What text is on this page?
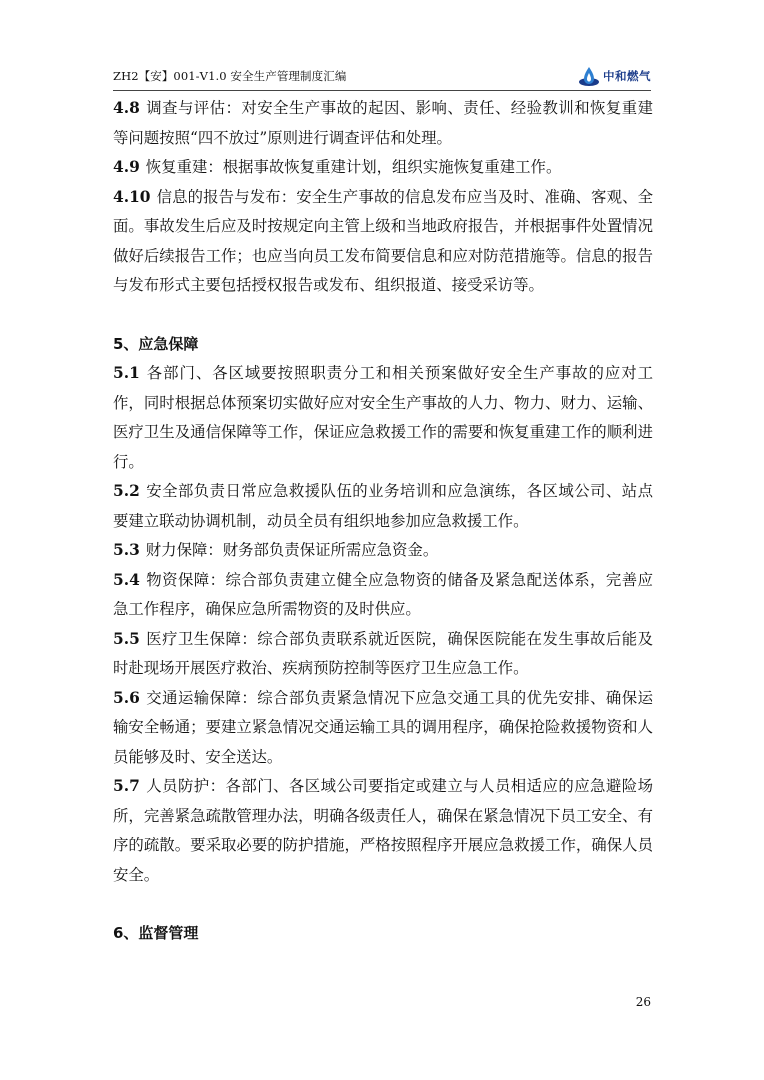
ZH2【安】001-V1.0 安全生产管理制度汇编	中和燃气

4.8 调查与评估：对安全生产事故的起因、影响、责任、经验教训和恢复重建等问题按照“四不放过”原则进行调查评估和处理。

4.9 恢复重建：根据事故恢复重建计划，组织实施恢复重建工作。

4.10 信息的报告与发布：安全生产事故的信息发布应当及时、准确、客观、全面。事故发生后应及时按规定向主管上级和当地政府报告，并根据事件处置情况做好后续报告工作；也应当向员工发布简要信息和应对防范措施等。信息的报告与发布形式主要包括授权报告或发布、组织报道、接受采访等。

5、应急保障

5.1 各部门、各区域要按照职责分工和相关预案做好安全生产事故的应对工作，同时根据总体预案切实做好应对安全生产事故的人力、物力、财力、运输、医疗卫生及通信保障等工作，保证应急救援工作的需要和恢复重建工作的顺利进行。

5.2 安全部负责日常应急救援队伍的业务培训和应急演练，各区域公司、站点要建立联动协调机制，动员全员有组织地参加应急救援工作。

5.3 财力保障：财务部负责保证所需应急资金。

5.4 物资保障：综合部负责建立健全应急物资的储备及紧急配送体系，完善应急工作程序，确保应急所需物资的及时供应。

5.5 医疗卫生保障：综合部负责联系就近医院，确保医院能在发生事故后能及时赴现场开展医疗救治、疾病预防控制等医疗卫生应急工作。

5.6 交通运输保障：综合部负责紧急情况下应急交通工具的优先安排、确保运输安全畅通；要建立紧急情况交通运输工具的调用程序，确保抢险救援物资和人员能够及时、安全送达。

5.7 人员防护：各部门、各区域公司要指定或建立与人员相适应的应急避险场所，完善紧急疏散管理办法，明确各级责任人，确保在紧急情况下员工安全、有序的疏散。要采取必要的防护措施，严格按照程序开展应急救援工作，确保人员安全。

6、监督管理

26
